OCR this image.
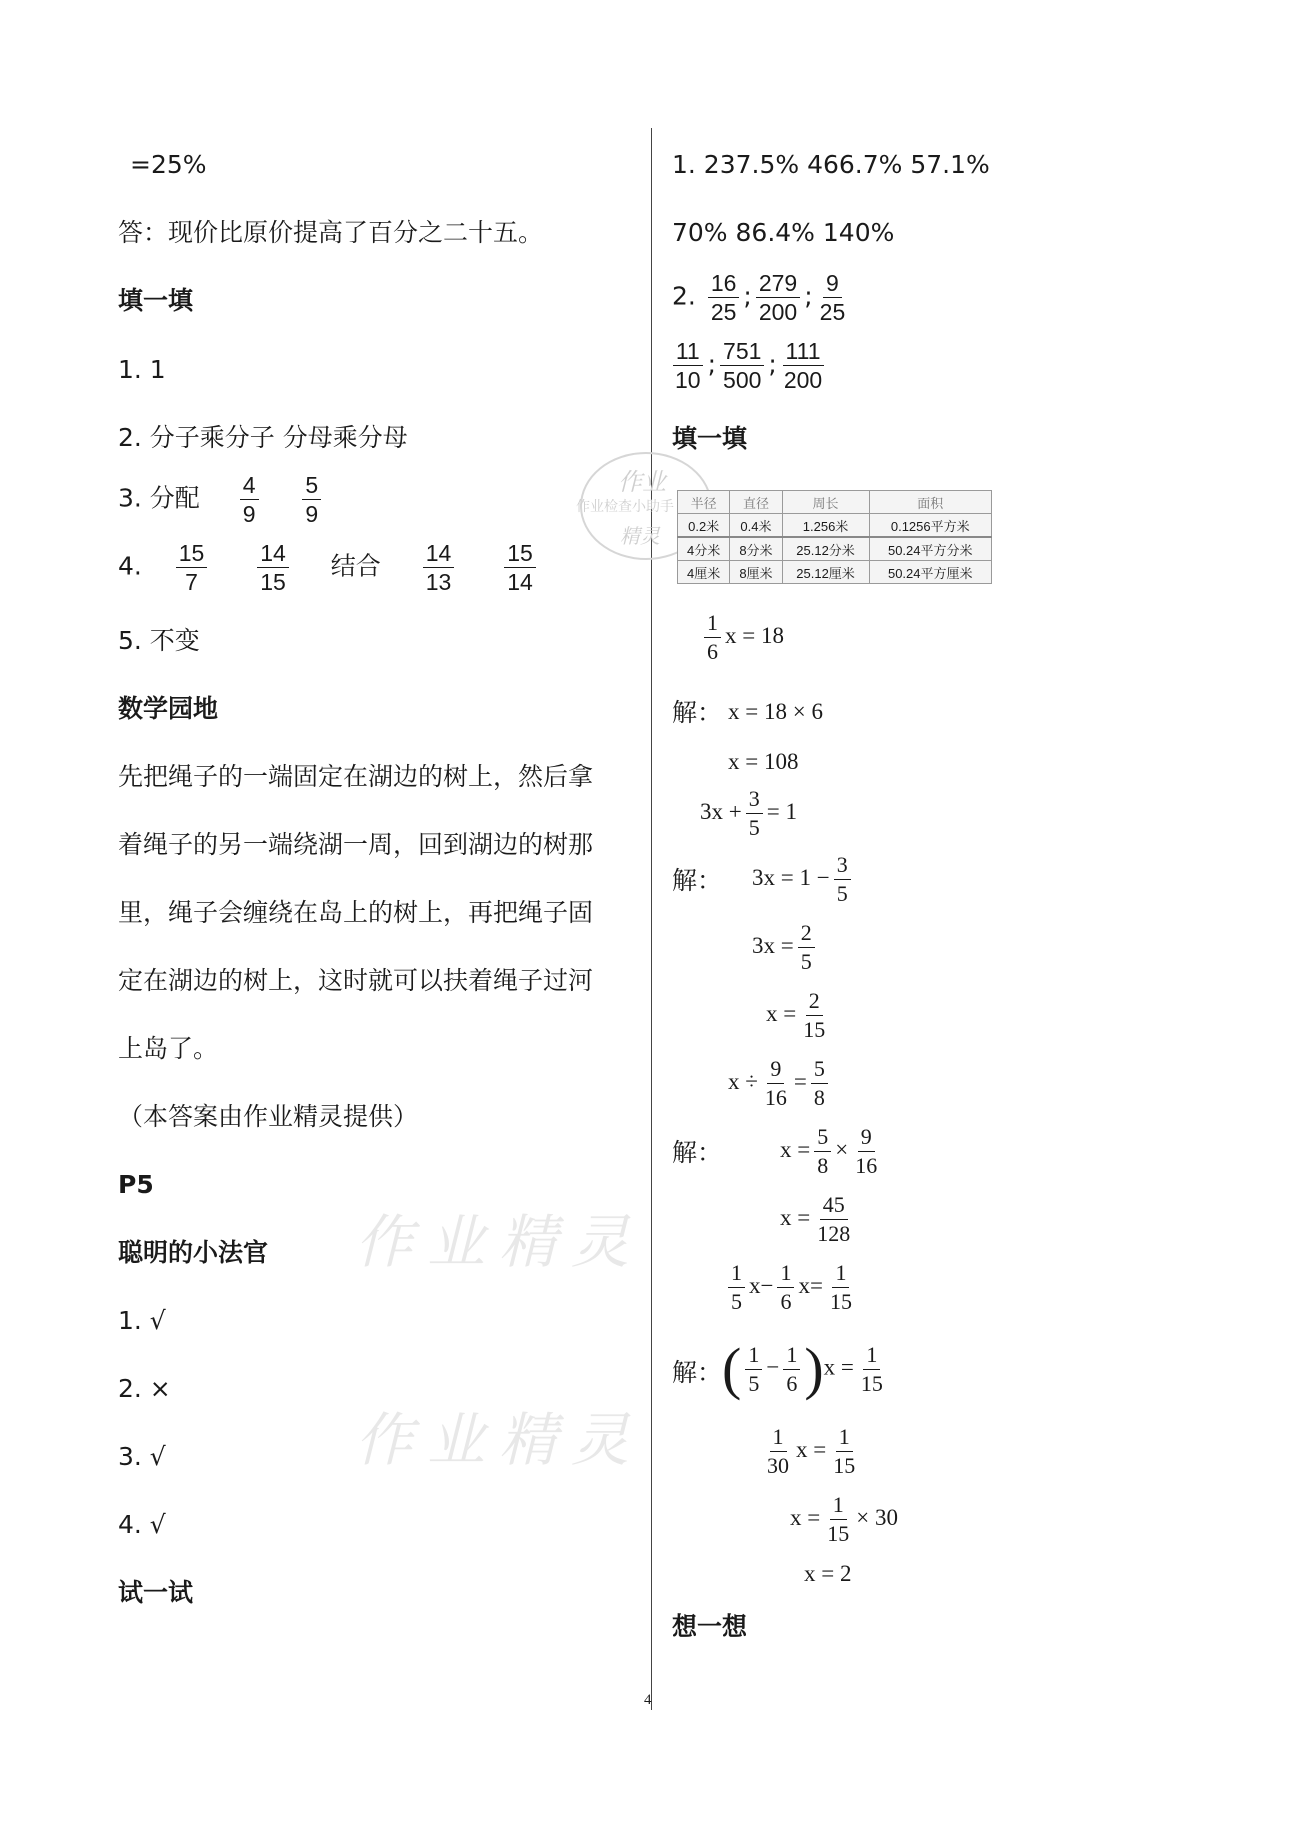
作业精灵
作业精灵
作业
作业检查小助手
精灵
=25%
答：现价比原价提高了百分之二十五。
填一填
1. 1
2. 分子乘分子 分母乘分母
3. 分配 $\frac{4}{9}$
$\frac{5}{9}$
4. $\frac{15}{7}$
$\frac{14}{15}$ 结合 $\frac{14}{13}$
$\frac{15}{14}$
5. 不变
数学园地
先把绳子的一端固定在湖边的树上，然后拿
着绳子的另一端绕湖一周，回到湖边的树那
里，绳子会缠绕在岛上的树上，再把绳子固
定在湖边的树上，这时就可以扶着绳子过河
上岛了。
（本答案由作业精灵提供）
P5
聪明的小法官
1. √
2. ×
3. √
4. √
试一试
1. 237.5% 466.7% 57.1%
70% 86.4% 140%
2. $\frac{16}{25}$ ; $\frac{279}{200}$ ; $\frac{9}{25}$
$\frac{11}{10}$ ; $\frac{751}{500}$ ; $\frac{111}{200}$
填一填
半径	直径	周长	面积
0.2米	0.4米	1.256米	0.1256平方米
4分米	8分米	25.12分米	50.24平方分米
4厘米	8厘米	25.12厘米	50.24平方厘米
$\frac{1}{6}$ x = 18
解： x = 18 × 6
x = 108
$3x + \frac{3}{5} = 1$
解： $3x = 1 - \frac{3}{5}$
$3x = \frac{2}{5}$
$x = \frac{2}{15}$
$x \div \frac{9}{16} = \frac{5}{8}$
解：	$x = \frac{5}{8} \times \frac{9}{16}$
$x = \frac{45}{128}$
$\frac{1}{5} x- \frac{1}{6} x= \frac{1}{15}$
解： ( $\frac{1}{5} - \frac{1}{6} )x = \frac{1}{15}$
$\frac{1}{30}$ $x = \frac{1}{15}$
$x = \frac{1}{15} \times 30$
x = 2
想一想
4
